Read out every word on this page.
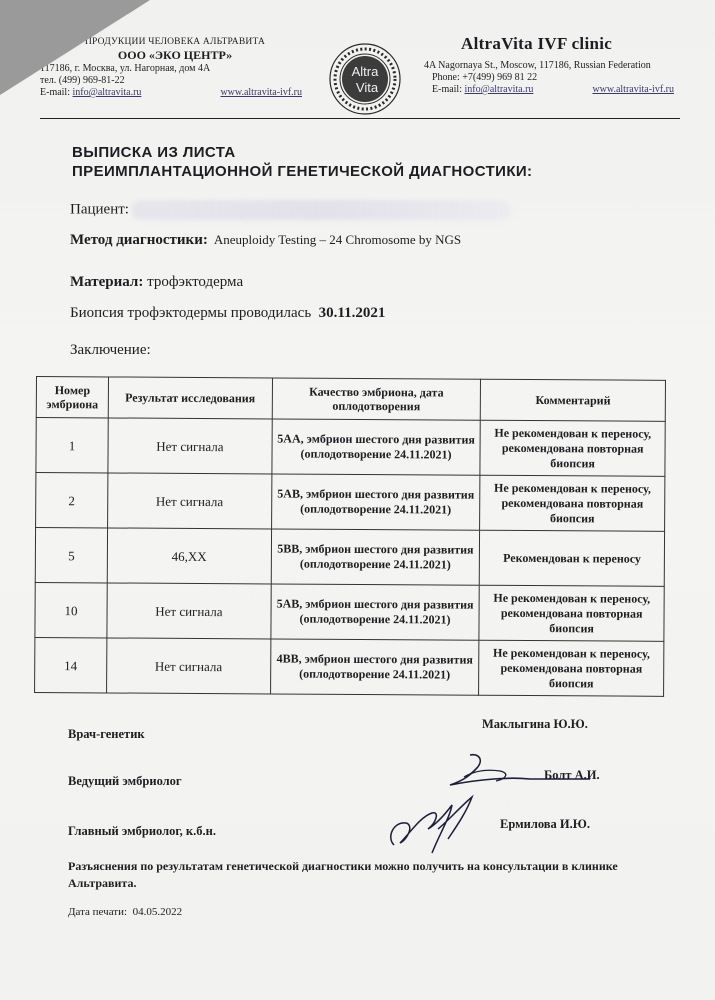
ПРОДУКЦИИ ЧЕЛОВЕКА АЛЬТРАВИТА
ООО «ЭКО ЦЕНТР»
117186, г. Москва, ул. Нагорная, дом 4А
тел. (499) 969-81-22
E-mail: info@altravita.ru	www.altravita-ivf.ru
Altra
Vita
AltraVita IVF clinic
4A Nagornaya St., Moscow, 117186, Russian Federation
Phone: +7(499) 969 81 22
E-mail: info@altravita.ru	www.altravita-ivf.ru
ВЫПИСКА ИЗ ЛИСТА
ПРЕИМПЛАНТАЦИОННОЙ ГЕНЕТИЧЕСКОЙ ДИАГНОСТИКИ:
Пациент:
Метод диагностики: Aneuploidy Testing – 24 Chromosome by NGS
Материал: трофэктодерма
Биопсия трофэктодермы проводилась 30.11.2021
Заключение:
Номер эмбриона	Результат исследования	Качество эмбриона, дата оплодотворения	Комментарий
1	Нет сигнала	5АА, эмбрион шестого дня развития (оплодотворение 24.11.2021)	Не рекомендован к переносу, рекомендована повторная биопсия
2	Нет сигнала	5АВ, эмбрион шестого дня развития (оплодотворение 24.11.2021)	Не рекомендован к переносу, рекомендована повторная биопсия
5	46,XX	5ВВ, эмбрион шестого дня развития (оплодотворение 24.11.2021)	Рекомендован к переносу
10	Нет сигнала	5АВ, эмбрион шестого дня развития (оплодотворение 24.11.2021)	Не рекомендован к переносу, рекомендована повторная биопсия
14	Нет сигнала	4ВВ, эмбрион шестого дня развития (оплодотворение 24.11.2021)	Не рекомендован к переносу, рекомендована повторная биопсия
Врач-генетик
Маклыгина Ю.Ю.
Ведущий эмбриолог	Болт А.И.
Главный эмбриолог, к.б.н.	Ермилова И.Ю.
Разъяснения по результатам генетической диагностики можно получить на консультации в клинике Альтравита.
Дата печати: 04.05.2022
